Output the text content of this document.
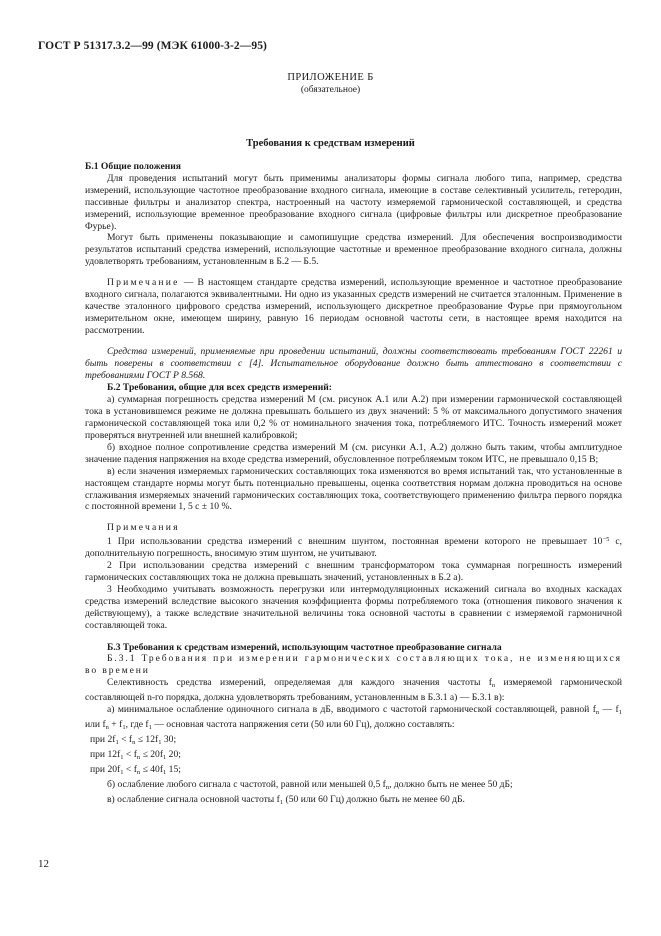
ГОСТ Р 51317.3.2—99 (МЭК 61000-3-2—95)
ПРИЛОЖЕНИЕ Б
(обязательное)
Требования к средствам измерений

Б.1 Общие положения

Для проведения испытаний могут быть применимы анализаторы формы сигнала любого типа, например, средства измерений, использующие частотное преобразование входного сигнала, имеющие в составе селективный усилитель, гетеродин, пассивные фильтры и анализатор спектра, настроенный на частоту измеряемой гармонической составляющей, и средства измерений, использующие временное преобразование входного сигнала (цифровые фильтры или дискретное преобразование Фурье).

Могут быть применены показывающие и самопишущие средства измерений. Для обеспечения воспроизводимости результатов испытаний средства измерений, использующие частотные и временное преобразование входного сигнала, должны удовлетворять требованиям, установленным в Б.2 — Б.5.

Примечание — В настоящем стандарте средства измерений, использующие временное и частотное преобразование входного сигнала, полагаются эквивалентными. Ни одно из указанных средств измерений не считается эталонным. Применение в качестве эталонного цифрового средства измерений, использующего дискретное преобразование Фурье при прямоугольном измерительном окне, имеющем ширину, равную 16 периодам основной частоты сети, в настоящее время находится на рассмотрении.

Средства измерений, применяемые при проведении испытаний, должны соответствовать требованиям ГОСТ 22261 и быть поверены в соответствии с [4]. Испытательное оборудование должно быть аттестовано в соответствии с требованиями ГОСТ Р 8.568.

Б.2 Требования, общие для всех средств измерений:

а) суммарная погрешность средства измерений М (см. рисунок А.1 или А.2) при измерении гармонической составляющей тока в установившемся режиме не должна превышать большего из двух значений: 5 % от максимального допустимого значения гармонической составляющей тока или 0,2 % от номинального значения тока, потребляемого ИТС. Точность измерений может проверяться внутренней или внешней калибровкой;

б) входное полное сопротивление средства измерений М (см. рисунки А.1, А.2) должно быть таким, чтобы амплитудное значение падения напряжения на входе средства измерений, обусловленное потребляемым током ИТС, не превышало 0,15 В;

в) если значения измеряемых гармонических составляющих тока изменяются во время испытаний так, что установленные в настоящем стандарте нормы могут быть потенциально превышены, оценка соответствия нормам должна проводиться на основе сглаживания измеряемых значений гармонических составляющих тока, соответствующего применению фильтра первого порядка с постоянной времени 1, 5 с ± 10 %.

Примечания

1 При использовании средства измерений с внешним шунтом, постоянная времени которого не превышает $10^{-5}$ с, дополнительную погрешность, вносимую этим шунтом, не учитывают.

2 При использовании средства измерений с внешним трансформатором тока суммарная погрешность измерений гармонических составляющих тока не должна превышать значений, установленных в Б.2 а).

3 Необходимо учитывать возможность перегрузки или интермодуляционных искажений сигнала во входных каскадах средства измерений вследствие высокого значения коэффициента формы потребляемого тока (отношения пикового значения к действующему), а также вследствие значительной величины тока основной частоты в сравнении с измеряемой гармоничной составляющей тока.

Б.3 Требования к средствам измерений, использующим частотное преобразование сигнала

Б.3.1 Требования при измерении гармонических составляющих тока, не изменяющихся во времени

Селективность средства измерений, определяемая для каждого значения частоты $f_n$ измеряемой гармонической составляющей n-го порядка, должна удовлетворять требованиям, установленным в Б.3.1 а) — Б.3.1 в):

а) минимальное ослабление одиночного сигнала в дБ, вводимого с частотой гармонической составляющей, равной $f_n$ — $f_1$ или $f_n + f_1$, где $f_1$ — основная частота напряжения сети (50 или 60 Гц), должно составлять:

при $2f_1 < f_n \le 12f_1$ 30;

при $12f_1 < f_n \le 20f_1$ 20;

при $20f_1 < f_n \le 40f_1$ 15;

б) ослабление любого сигнала с частотой, равной или меньшей 0,5 $f_n$, должно быть не менее 50 дБ;

в) ослабление сигнала основной частоты $f_1$ (50 или 60 Гц) должно быть не менее 60 дБ.

12
